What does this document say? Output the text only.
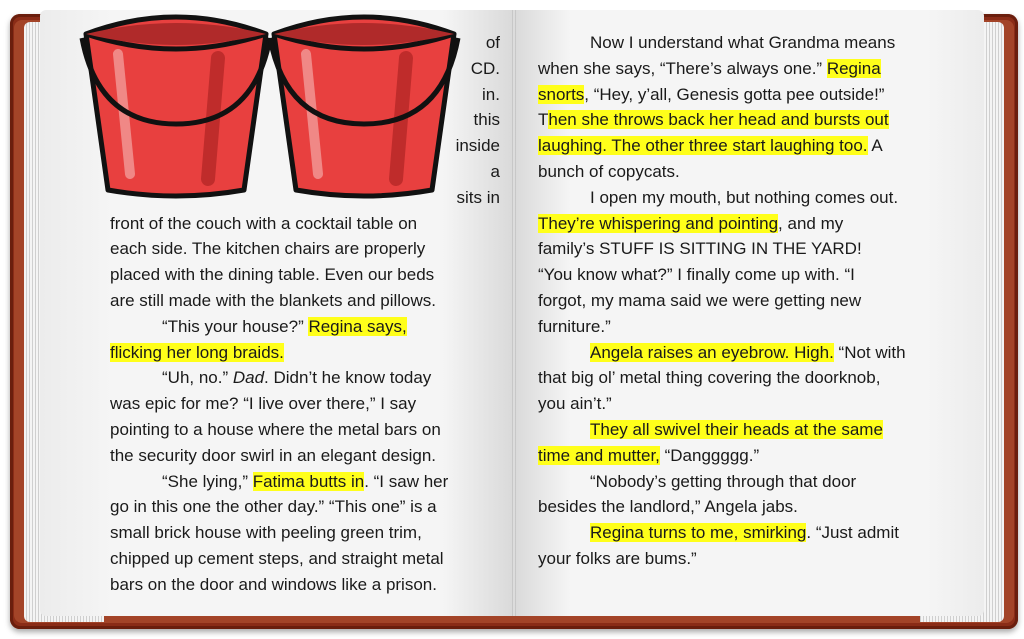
of

CD.

in.

this

inside

a

sits in

front of the couch with a cocktail table on

each side. The kitchen chairs are properly

placed with the dining table. Even our beds

are still made with the blankets and pillows.

“This your house?” Regina says,

flicking her long braids.

“Uh, no.” Dad. Didn’t he know today

was epic for me? “I live over there,” I say

pointing to a house where the metal bars on

the security door swirl in an elegant design.

“She lying,” Fatima butts in. “I saw her

go in this one the other day.” “This one” is a

small brick house with peeling green trim,

chipped up cement steps, and straight metal

bars on the door and windows like a prison.

Now I understand what Grandma means

when she says, “There’s always one.” Regina

snorts, “Hey, y’all, Genesis gotta pee outside!”

Then she throws back her head and bursts out

laughing. The other three start laughing too. A

bunch of copycats.

I open my mouth, but nothing comes out.

They’re whispering and pointing, and my

family’s STUFF IS SITTING IN THE YARD!

“You know what?” I finally come up with. “I

forgot, my mama said we were getting new

furniture.”

Angela raises an eyebrow. High. “Not with

that big ol’ metal thing covering the doorknob,

you ain’t.”

They all swivel their heads at the same

time and mutter, “Danggggg.”

“Nobody’s getting through that door

besides the landlord,” Angela jabs.

Regina turns to me, smirking. “Just admit

your folks are bums.”
